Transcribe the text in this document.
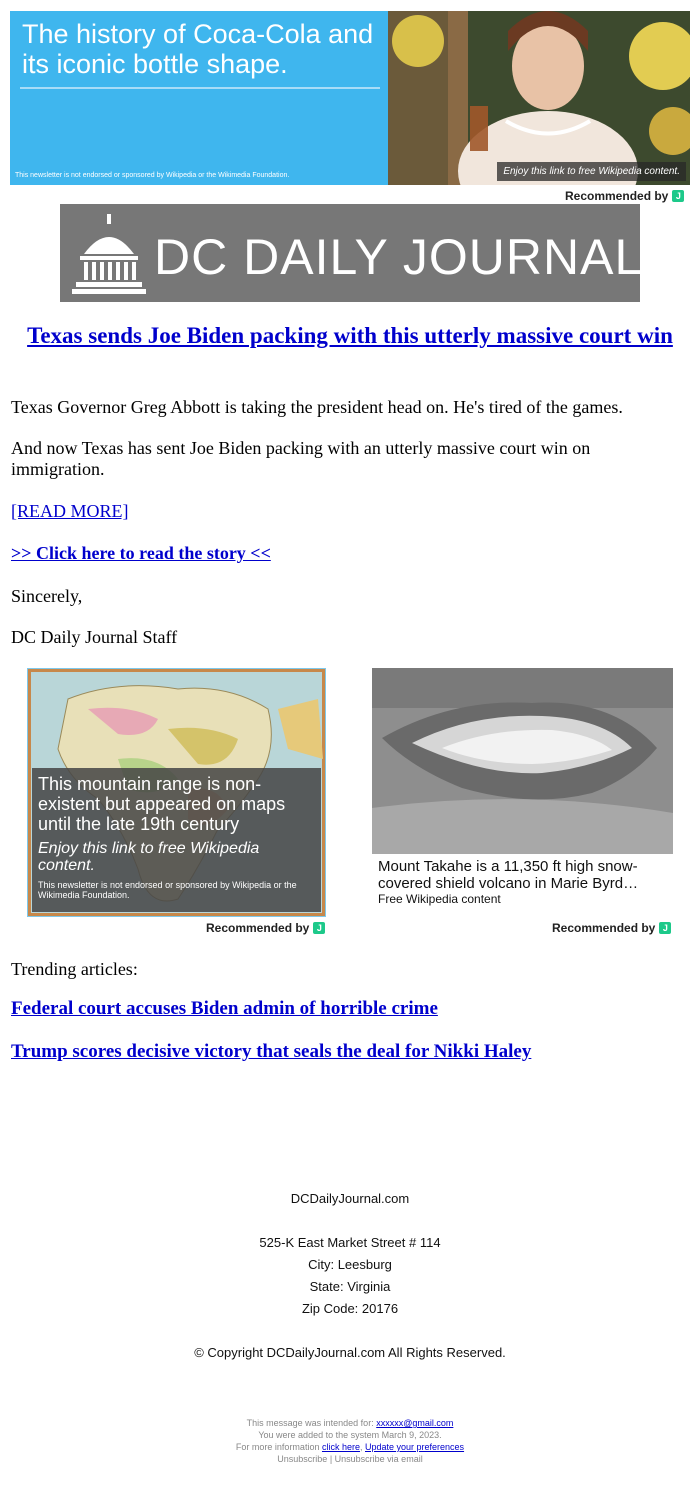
The history of Coca-Cola and its iconic bottle shape.
This newsletter is not endorsed or sponsored by Wikipedia or the Wikimedia Foundation.	Enjoy this link to free Wikipedia content.
Recommended by J
DC DAILY JOURNAL
Texas sends Joe Biden packing with this utterly massive court win
Texas Governor Greg Abbott is taking the president head on. He's tired of the games.
And now Texas has sent Joe Biden packing with an utterly massive court win on immigration.
[READ MORE]
>> Click here to read the story <<
Sincerely,
DC Daily Journal Staff
This mountain range is non-existent but appeared on maps until the late 19th century
Enjoy this link to free Wikipedia content.
This newsletter is not endorsed or sponsored by Wikipedia or the Wikimedia Foundation.
Recommended by J
Mount Takahe is a 11,350 ft high snow-covered shield volcano in Marie Byrd…
Free Wikipedia content
Recommended by J
Trending articles:
Federal court accuses Biden admin of horrible crime
Trump scores decisive victory that seals the deal for Nikki Haley
DCDailyJournal.com
525-K East Market Street # 114
City: Leesburg
State: Virginia
Zip Code: 20176
© Copyright DCDailyJournal.com All Rights Reserved.
This message was intended for: xxxxxx@gmail.com
You were added to the system March 9, 2023.
For more information click here, Update your preferences
Unsubscribe | Unsubscribe via email
